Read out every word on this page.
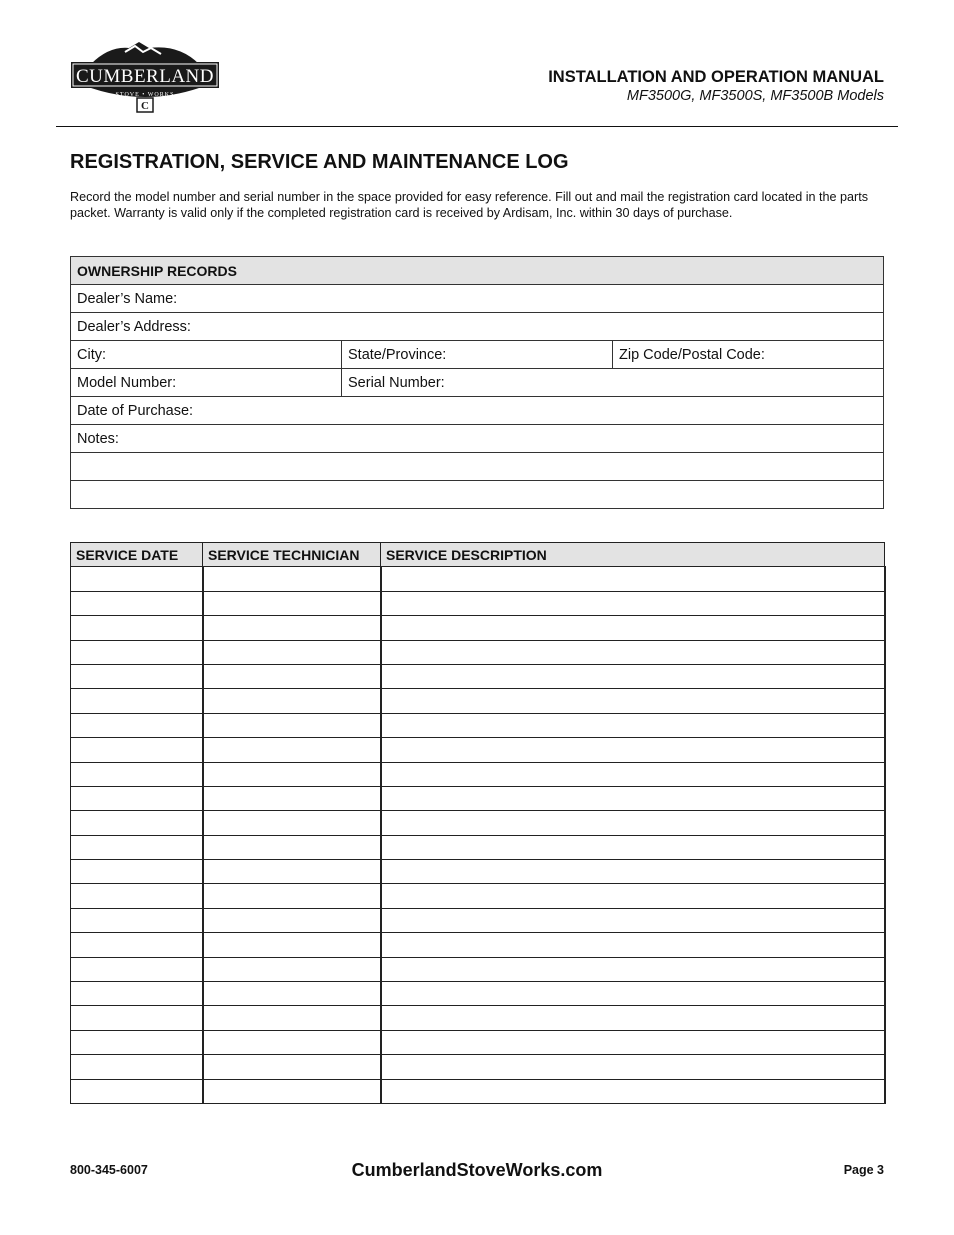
CUMBERLAND
STOVE • WORKS
C
INSTALLATION AND OPERATION MANUAL
MF3500G, MF3500S, MF3500B Models
REGISTRATION, SERVICE AND MAINTENANCE LOG
Record the model number and serial number in the space provided for easy reference. Fill out and mail the registration card located in the parts packet. Warranty is valid only if the completed registration card is received by Ardisam, Inc. within 30 days of purchase.
OWNERSHIP RECORDS		
Dealer’s Name:		
Dealer’s Address:		
City:	State/Province:	Zip Code/Postal Code:
Model Number:	Serial Number:	
Date of Purchase:		
Notes:		

SERVICE DATE	SERVICE TECHNICIAN	SERVICE DESCRIPTION

800-345-6007	CumberlandStoveWorks.com	Page 3
